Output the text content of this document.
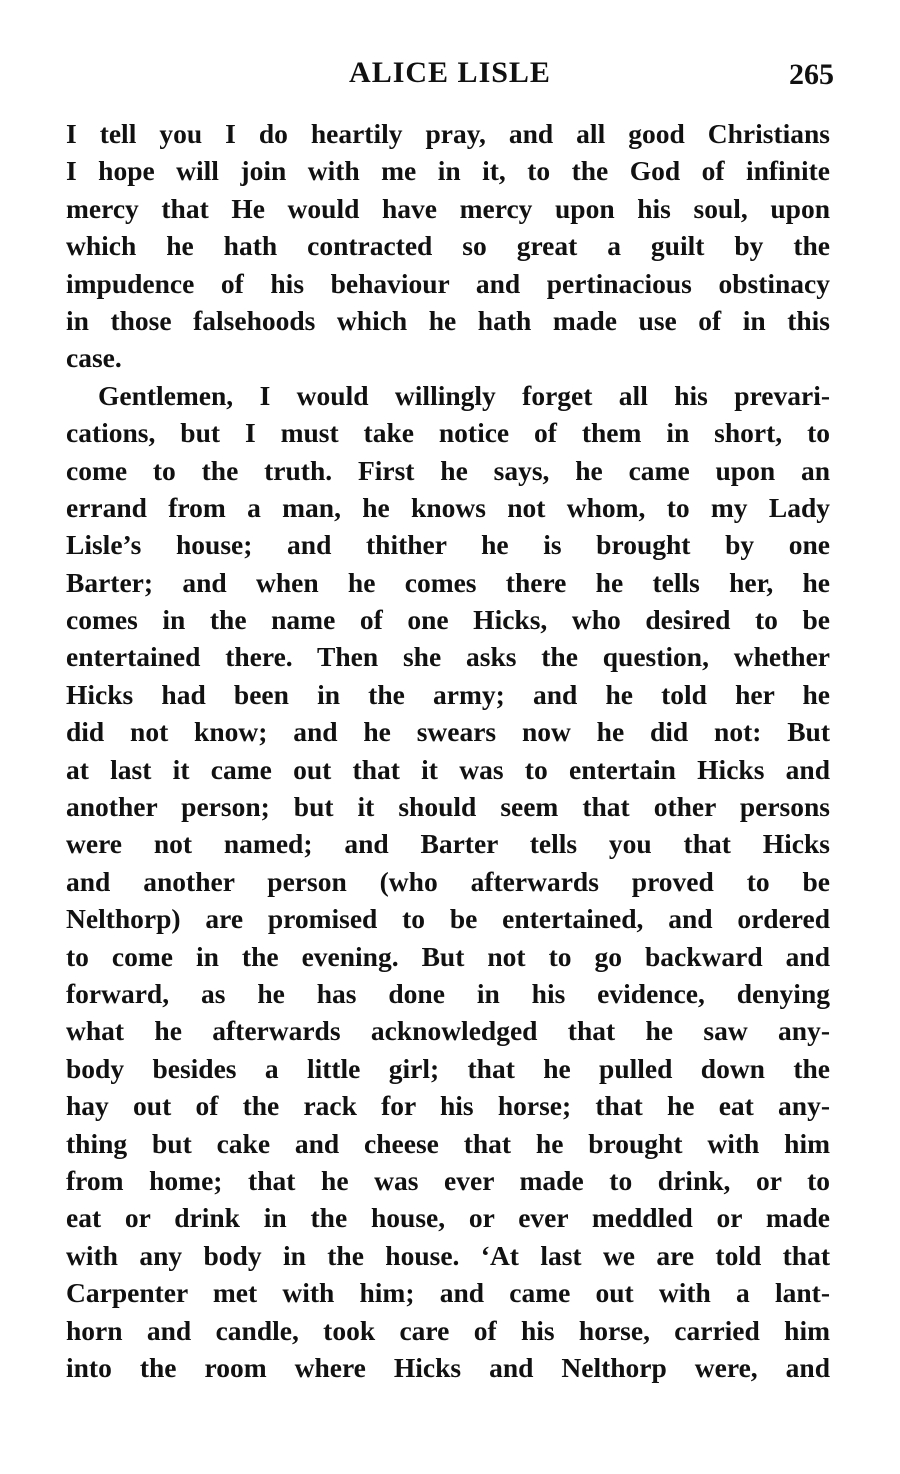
ALICE LISLE	265
I tell you I do heartily pray, and all good Christians
I hope will join with me in it, to the God of infinite
mercy that He would have mercy upon his soul, upon
which he hath contracted so great a guilt by the
impudence of his behaviour and pertinacious obstinacy
in those falsehoods which he hath made use of in this
case.
Gentlemen, I would willingly forget all his prevari-
cations, but I must take notice of them in short, to
come to the truth. First he says, he came upon an
errand from a man, he knows not whom, to my Lady
Lisle’s house; and thither he is brought by one
Barter; and when he comes there he tells her, he
comes in the name of one Hicks, who desired to be
entertained there. Then she asks the question, whether
Hicks had been in the army; and he told her he
did not know; and he swears now he did not: But
at last it came out that it was to entertain Hicks and
another person; but it should seem that other persons
were not named; and Barter tells you that Hicks
and another person (who afterwards proved to be
Nelthorp) are promised to be entertained, and ordered
to come in the evening. But not to go backward and
forward, as he has done in his evidence, denying
what he afterwards acknowledged that he saw any-
body besides a little girl; that he pulled down the
hay out of the rack for his horse; that he eat any-
thing but cake and cheese that he brought with him
from home; that he was ever made to drink, or to
eat or drink in the house, or ever meddled or made
with any body in the house. ‘At last we are told that
Carpenter met with him; and came out with a lant-
horn and candle, took care of his horse, carried him
into the room where Hicks and Nelthorp were, and
